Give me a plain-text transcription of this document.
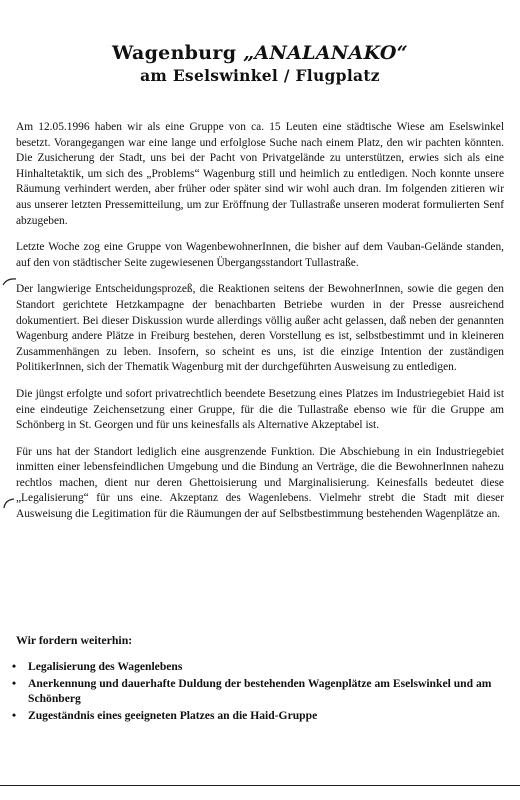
Wagenburg „ANALANAKO“
am Eselswinkel / Flugplatz

Am 12.05.1996 haben wir als eine Gruppe von ca. 15 Leuten eine städtische Wiese am Eselswinkel besetzt. Vorangegangen war eine lange und erfolglose Suche nach einem Platz, den wir pachten könnten. Die Zusicherung der Stadt, uns bei der Pacht von Privatgelände zu unterstützen, erwies sich als eine Hinhaltetaktik, um sich des „Problems“ Wagenburg still und heimlich zu entledigen. Noch konnte unsere Räumung verhindert werden, aber früher oder später sind wir wohl auch dran. Im folgenden zitieren wir aus unserer letzten Pressemitteilung, um zur Eröffnung der Tullastraße unseren moderat formulierten Senf abzugeben.

Letzte Woche zog eine Gruppe von WagenbewohnerInnen, die bisher auf dem Vauban-Gelände standen, auf den von städtischer Seite zugewiesenen Übergangsstandort Tullastraße.

Der langwierige Entscheidungsprozeß, die Reaktionen seitens der BewohnerInnen, sowie die gegen den Standort gerichtete Hetzkampagne der benachbarten Betriebe wurden in der Presse ausreichend dokumentiert. Bei dieser Diskussion wurde allerdings völlig außer acht gelassen, daß neben der genannten Wagenburg andere Plätze in Freiburg bestehen, deren Vorstellung es ist, selbstbestimmt und in kleineren Zusammenhängen zu leben. Insofern, so scheint es uns, ist die einzige Intention der zuständigen PolitikerInnen, sich der Thematik Wagenburg mit der durchgeführten Ausweisung zu entledigen.

Die jüngst erfolgte und sofort privatrechtlich beendete Besetzung eines Platzes im Industriegebiet Haid ist eine eindeutige Zeichensetzung einer Gruppe, für die die Tullastraße ebenso wie für die Gruppe am Schönberg in St. Georgen und für uns keinesfalls als Alternative Akzeptabel ist.

Für uns hat der Standort lediglich eine ausgrenzende Funktion. Die Abschiebung in ein Industriegebiet inmitten einer lebensfeindlichen Umgebung und die Bindung an Verträge, die die BewohnerInnen nahezu rechtlos machen, dient nur deren Ghettoisierung und Marginalisierung. Keinesfalls bedeutet diese „Legalisierung“ für uns eine. Akzeptanz des Wagenlebens. Vielmehr strebt die Stadt mit dieser Ausweisung die Legitimation für die Räumungen der auf Selbstbestimmung bestehenden Wagenplätze an.

Wir fordern weiterhin:
• Legalisierung des Wagenlebens
• Anerkennung und dauerhafte Duldung der bestehenden Wagenplätze am Eselswinkel und am Schönberg
• Zugeständnis eines geeigneten Platzes an die Haid-Gruppe
